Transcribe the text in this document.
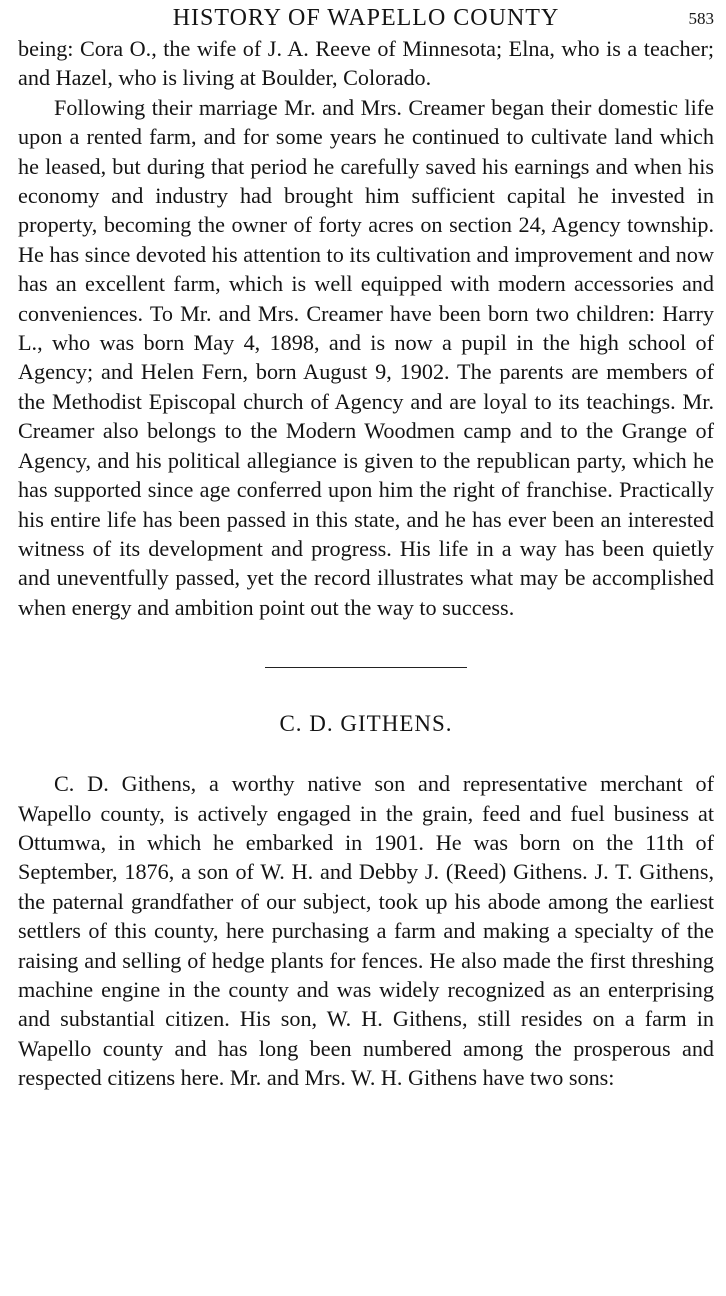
HISTORY OF WAPELLO COUNTY	583

being: Cora O., the wife of J. A. Reeve of Minnesota; Elna, who is a teacher; and Hazel, who is living at Boulder, Colorado.

Following their marriage Mr. and Mrs. Creamer began their domestic life upon a rented farm, and for some years he continued to cultivate land which he leased, but during that period he carefully saved his earnings and when his economy and industry had brought him sufficient capital he invested in property, becoming the owner of forty acres on section 24, Agency township. He has since devoted his attention to its cultivation and improvement and now has an excellent farm, which is well equipped with modern accessories and conveniences. To Mr. and Mrs. Creamer have been born two children: Harry L., who was born May 4, 1898, and is now a pupil in the high school of Agency; and Helen Fern, born August 9, 1902. The parents are members of the Methodist Episcopal church of Agency and are loyal to its teachings. Mr. Creamer also belongs to the Modern Woodmen camp and to the Grange of Agency, and his political allegiance is given to the republican party, which he has supported since age conferred upon him the right of franchise. Practically his entire life has been passed in this state, and he has ever been an interested witness of its development and progress. His life in a way has been quietly and uneventfully passed, yet the record illustrates what may be accomplished when energy and ambition point out the way to success.

C. D. GITHENS.

C. D. Githens, a worthy native son and representative merchant of Wapello county, is actively engaged in the grain, feed and fuel business at Ottumwa, in which he embarked in 1901. He was born on the 11th of September, 1876, a son of W. H. and Debby J. (Reed) Githens. J. T. Githens, the paternal grandfather of our subject, took up his abode among the earliest settlers of this county, here purchasing a farm and making a specialty of the raising and selling of hedge plants for fences. He also made the first threshing machine engine in the county and was widely recognized as an enterprising and substantial citizen. His son, W. H. Githens, still resides on a farm in Wapello county and has long been numbered among the prosperous and respected citizens here. Mr. and Mrs. W. H. Githens have two sons:
